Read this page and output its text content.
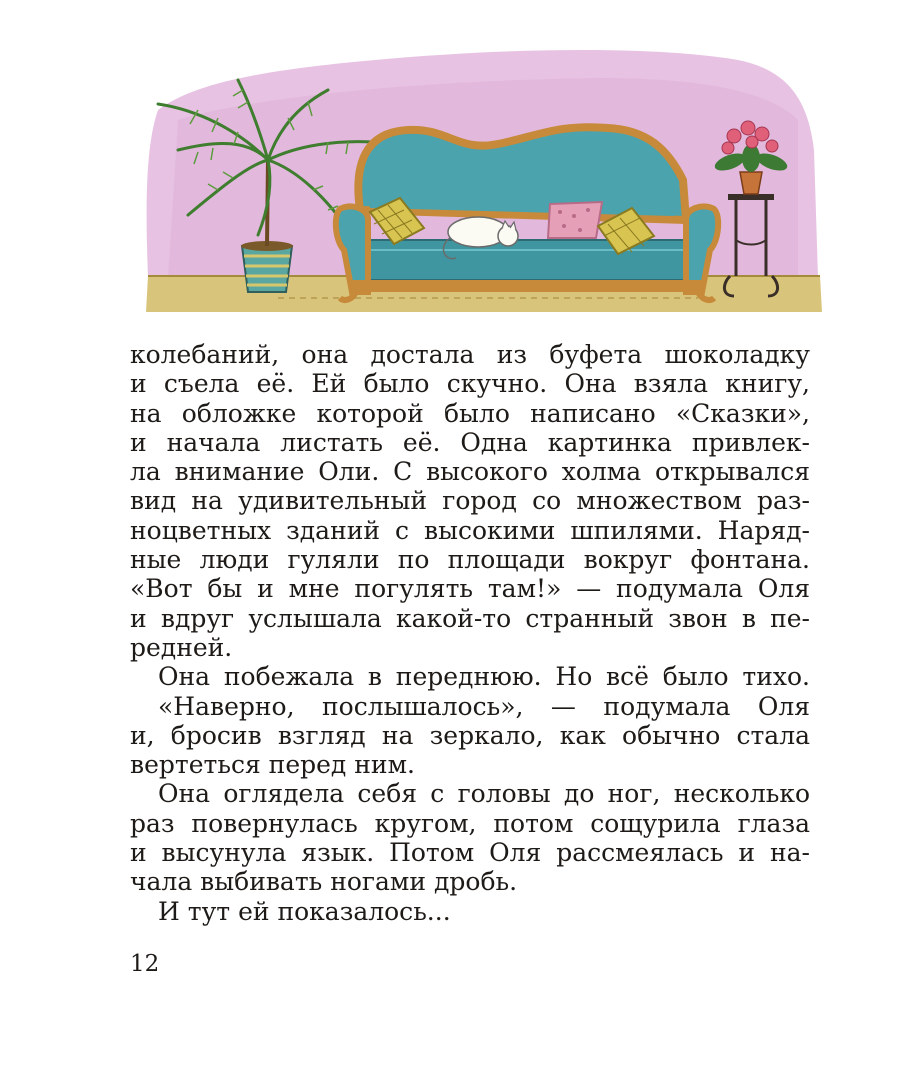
колебаний, она достала из буфета шоколадку
и съела её. Ей было скучно. Она взяла книгу,
на обложке которой было написано «Сказки»,
и начала листать её. Одна картинка привлек-
ла внимание Оли. С высокого холма открывался
вид на удивительный город со множеством раз-
ноцветных зданий с высокими шпилями. Наряд-
ные люди гуляли по площади вокруг фонтана.
«Вот бы и мне погулять там!» — подумала Оля
и вдруг услышала какой-то странный звон в пе-
редней.
Она побежала в переднюю. Но всё было тихо.
«Наверно, послышалось», — подумала Оля
и, бросив взгляд на зеркало, как обычно стала
вертеться перед ним.
Она оглядела себя с головы до ног, несколько
раз повернулась кругом, потом сощурила глаза
и высунула язык. Потом Оля рассмеялась и на-
чала выбивать ногами дробь.
И тут ей показалось...
12
